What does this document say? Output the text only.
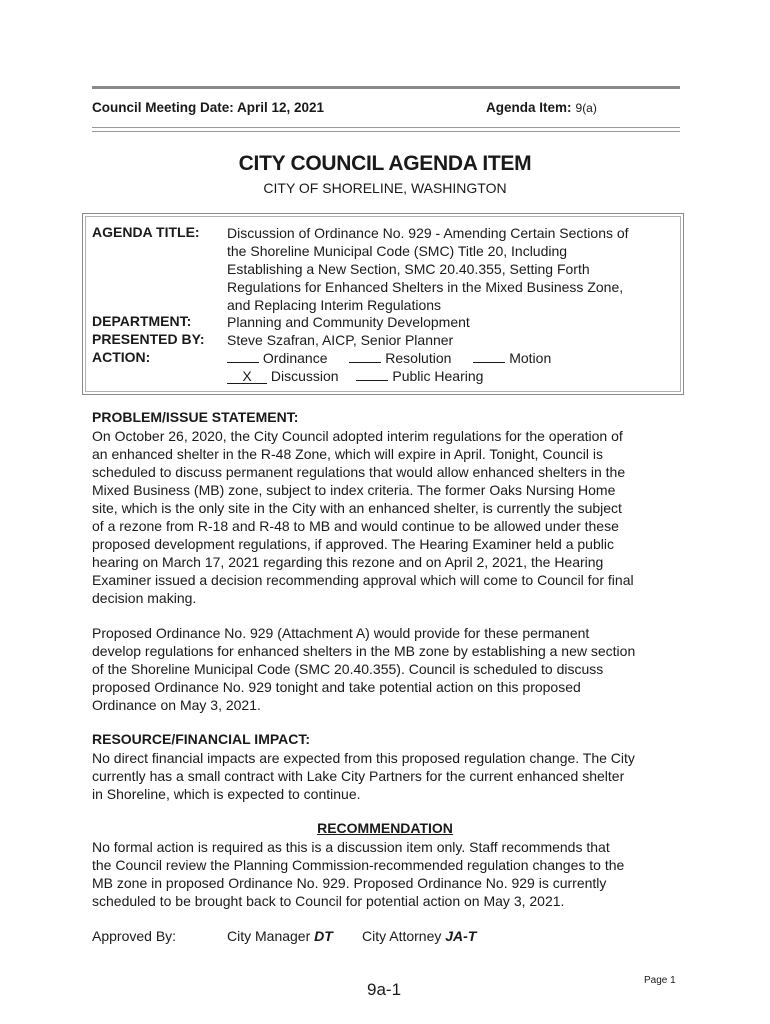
Council Meeting Date: April 12, 2021	Agenda Item: 9(a)
CITY COUNCIL AGENDA ITEM
CITY OF SHORELINE, WASHINGTON
AGENDA TITLE: Discussion of Ordinance No. 929 - Amending Certain Sections of
the Shoreline Municipal Code (SMC) Title 20, Including
Establishing a New Section, SMC 20.40.355, Setting Forth
Regulations for Enhanced Shelters in the Mixed Business Zone,
and Replacing Interim Regulations
DEPARTMENT:	Planning and Community Development
PRESENTED BY: Steve Szafran, AICP, Senior Planner
ACTION:	Ordinance	Resolution	Motion
X Discussion	Public Hearing
PROBLEM/ISSUE STATEMENT:
On October 26, 2020, the City Council adopted interim regulations for the operation of
an enhanced shelter in the R-48 Zone, which will expire in April. Tonight, Council is
scheduled to discuss permanent regulations that would allow enhanced shelters in the
Mixed Business (MB) zone, subject to index criteria. The former Oaks Nursing Home
site, which is the only site in the City with an enhanced shelter, is currently the subject
of a rezone from R-18 and R-48 to MB and would continue to be allowed under these
proposed development regulations, if approved. The Hearing Examiner held a public
hearing on March 17, 2021 regarding this rezone and on April 2, 2021, the Hearing
Examiner issued a decision recommending approval which will come to Council for final
decision making.
Proposed Ordinance No. 929 (Attachment A) would provide for these permanent
develop regulations for enhanced shelters in the MB zone by establishing a new section
of the Shoreline Municipal Code (SMC 20.40.355). Council is scheduled to discuss
proposed Ordinance No. 929 tonight and take potential action on this proposed
Ordinance on May 3, 2021.
RESOURCE/FINANCIAL IMPACT:
No direct financial impacts are expected from this proposed regulation change. The City
currently has a small contract with Lake City Partners for the current enhanced shelter
in Shoreline, which is expected to continue.
RECOMMENDATION
No formal action is required as this is a discussion item only. Staff recommends that
the Council review the Planning Commission-recommended regulation changes to the
MB zone in proposed Ordinance No. 929. Proposed Ordinance No. 929 is currently
scheduled to be brought back to Council for potential action on May 3, 2021.
Approved By:	City Manager DT City Attorney JA-T
9a-1	Page 1
